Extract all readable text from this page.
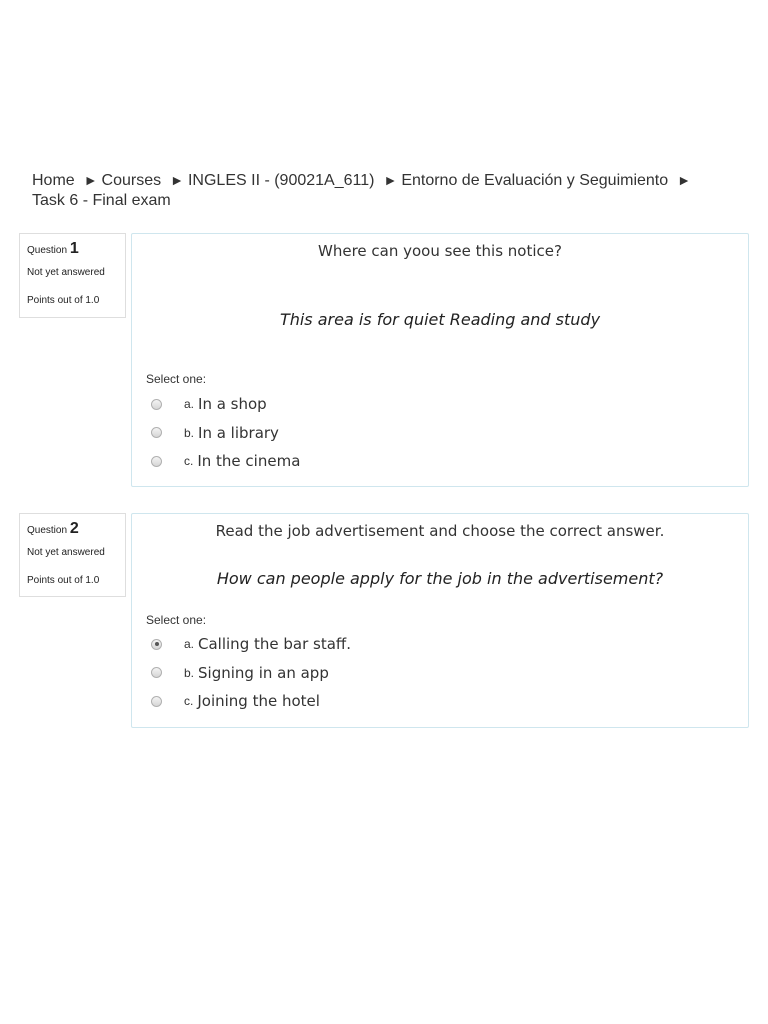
Home ► Courses ► INGLES II - (90021A_611) ► Entorno de Evaluación y Seguimiento ►
Task 6 - Final exam
Question 1
Not yet answered
Points out of 1.0
Where can yoou see this notice?
This area is for quiet Reading and study
Select one:
a. In a shop
b. In a library
c. In the cinema
Question 2
Not yet answered
Points out of 1.0
Read the job advertisement and choose the correct answer.
How can people apply for the job in the advertisement?
Select one:
a. Calling the bar staff.
b. Signing in an app
c. Joining the hotel
